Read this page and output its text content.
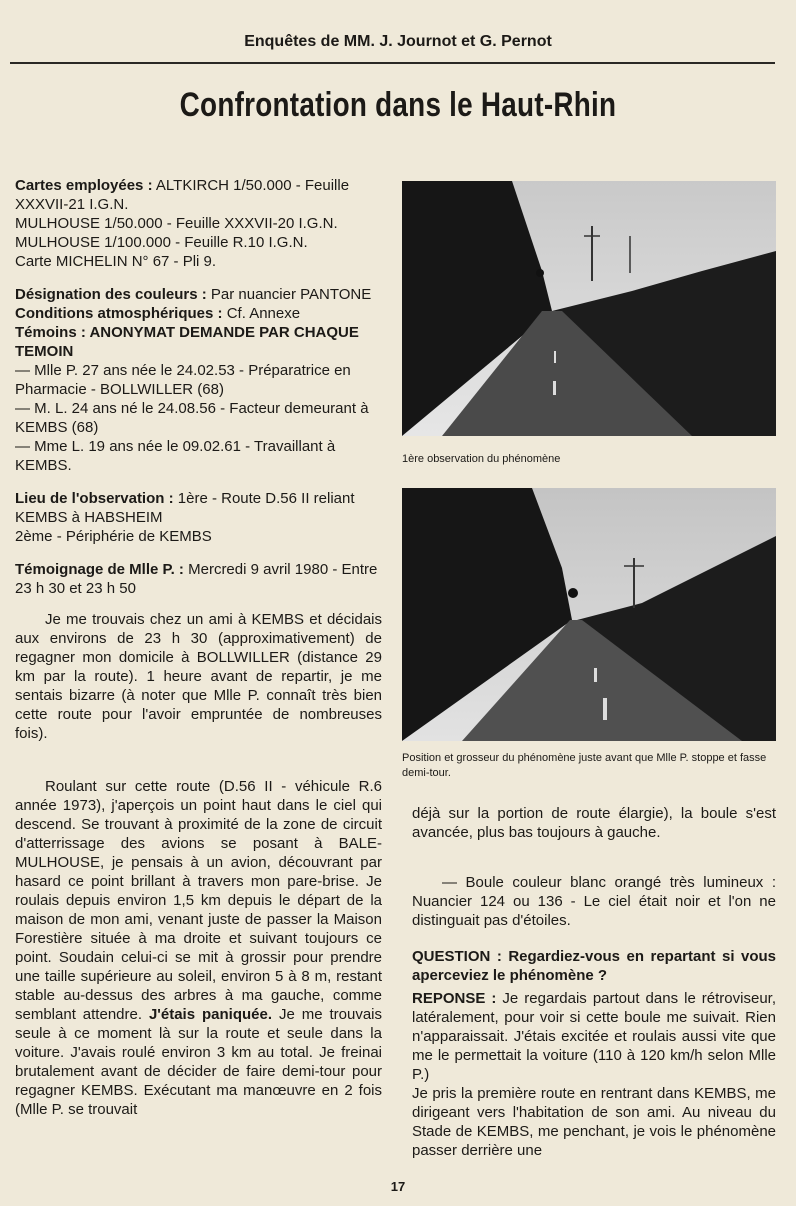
Enquêtes de MM. J. Journot et G. Pernot
Confrontation dans le Haut-Rhin

Cartes employées : ALTKIRCH 1/50.000 - Feuille XXXVII-21 I.G.N.
MULHOUSE 1/50.000 - Feuille XXXVII-20 I.G.N.
MULHOUSE 1/100.000 - Feuille R.10 I.G.N.
Carte MICHELIN N° 67 - Pli 9.

Désignation des couleurs : Par nuancier PANTONE

Conditions atmosphériques : Cf. Annexe

Témoins : ANONYMAT DEMANDE PAR CHAQUE TEMOIN

— Mlle P. 27 ans née le 24.02.53 - Préparatrice en Pharmacie - BOLLWILLER (68)

— M. L. 24 ans né le 24.08.56 - Facteur demeurant à KEMBS (68)

— Mme L. 19 ans née le 09.02.61 - Travaillant à KEMBS.

Lieu de l'observation : 1ère - Route D.56 II reliant KEMBS à HABSHEIM
2ème - Périphérie de KEMBS

Témoignage de Mlle P. : Mercredi 9 avril 1980 - Entre 23 h 30 et 23 h 50

Je me trouvais chez un ami à KEMBS et décidais aux environs de 23 h 30 (approximativement) de regagner mon domicile à BOLLWILLER (distance 29 km par la route). 1 heure avant de repartir, je me sentais bizarre (à noter que Mlle P. connaît très bien cette route pour l'avoir empruntée de nombreuses fois).

Roulant sur cette route (D.56 II - véhicule R.6 année 1973), j'aperçois un point haut dans le ciel qui descend. Se trouvant à proximité de la zone de circuit d'atterrissage des avions se posant à BALE-MULHOUSE, je pensais à un avion, découvrant par hasard ce point brillant à travers mon pare-brise. Je roulais depuis environ 1,5 km depuis le départ de la maison de mon ami, venant juste de passer la Maison Forestière située à ma droite et suivant toujours ce point. Soudain celui-ci se mit à grossir pour prendre une taille supérieure au soleil, environ 5 à 8 m, restant stable au-dessus des arbres à ma gauche, comme semblant attendre. J'étais paniquée. Je me trouvais seule à ce moment là sur la route et seule dans la voiture. J'avais roulé environ 3 km au total. Je freinai brutalement avant de décider de faire demi-tour pour regagner KEMBS. Exécutant ma manœuvre en 2 fois (Mlle P. se trouvait

1ère observation du phénomène
Position et grosseur du phénomène juste avant que Mlle P. stoppe et fasse demi-tour.

déjà sur la portion de route élargie), la boule s'est avancée, plus bas toujours à gauche.

— Boule couleur blanc orangé très lumineux : Nuancier 124 ou 136 - Le ciel était noir et l'on ne distinguait pas d'étoiles.

QUESTION : Regardiez-vous en repartant si vous aperceviez le phénomène ?

REPONSE : Je regardais partout dans le rétroviseur, latéralement, pour voir si cette boule me suivait. Rien n'apparaissait. J'étais excitée et roulais aussi vite que me le permettait la voiture (110 à 120 km/h selon Mlle P.)

Je pris la première route en rentrant dans KEMBS, me dirigeant vers l'habitation de son ami. Au niveau du Stade de KEMBS, me penchant, je vois le phénomène passer derrière une

17
